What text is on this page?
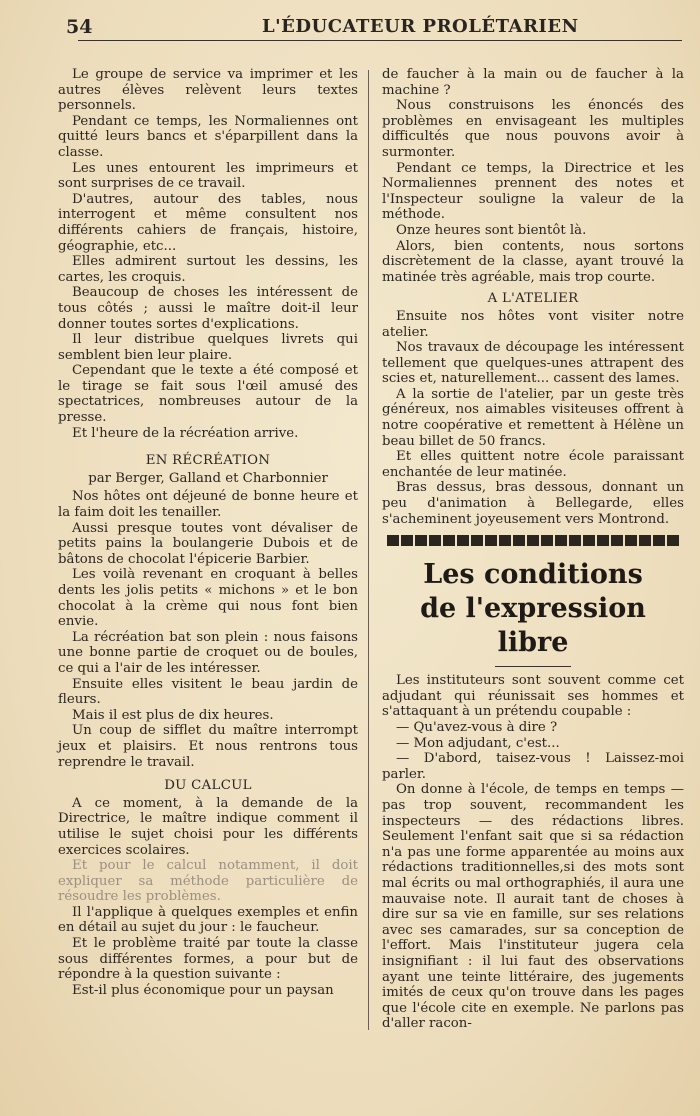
54	L'ÉDUCATEUR PROLÉTARIEN

Le groupe de service va imprimer et les autres élèves relèvent leurs textes personnels.

Pendant ce temps, les Normaliennes ont quitté leurs bancs et s'éparpillent dans la classe.

Les unes entourent les imprimeurs et sont surprises de ce travail.

D'autres, autour des tables, nous interrogent et même consultent nos différents cahiers de français, histoire, géographie, etc...

Elles admirent surtout les dessins, les cartes, les croquis.

Beaucoup de choses les intéressent de tous côtés ; aussi le maître doit-il leur donner toutes sortes d'explications.

Il leur distribue quelques livrets qui semblent bien leur plaire.

Cependant que le texte a été composé et le tirage se fait sous l'œil amusé des spectatrices, nombreuses autour de la presse.

Et l'heure de la récréation arrive.

EN RÉCRÉATION

par Berger, Galland et Charbonnier

Nos hôtes ont déjeuné de bonne heure et la faim doit les tenailler.

Aussi presque toutes vont dévaliser de petits pains la boulangerie Dubois et de bâtons de chocolat l'épicerie Barbier.

Les voilà revenant en croquant à belles dents les jolis petits « michons » et le bon chocolat à la crème qui nous font bien envie.

La récréation bat son plein : nous faisons une bonne partie de croquet ou de boules, ce qui a l'air de les intéresser.

Ensuite elles visitent le beau jardin de fleurs.

Mais il est plus de dix heures.

Un coup de sifflet du maître interrompt jeux et plaisirs. Et nous rentrons tous reprendre le travail.

DU CALCUL

A ce moment, à la demande de la Directrice, le maître indique comment il utilise le sujet choisi pour les différents exercices scolaires.

Et pour le calcul notamment, il doit expliquer sa méthode particulière de résoudre les problèmes.

Il l'applique à quelques exemples et enfin en détail au sujet du jour : le faucheur.

Et le problème traité par toute la classe sous différentes formes, a pour but de répondre à la question suivante :

Est-il plus économique pour un paysan

de faucher à la main ou de faucher à la machine ?

Nous construisons les énoncés des problèmes en envisageant les multiples difficultés que nous pouvons avoir à surmonter.

Pendant ce temps, la Directrice et les Normaliennes prennent des notes et l'Inspecteur souligne la valeur de la méthode.

Onze heures sont bientôt là.

Alors, bien contents, nous sortons discrètement de la classe, ayant trouvé la matinée très agréable, mais trop courte.

A L'ATELIER

Ensuite nos hôtes vont visiter notre atelier.

Nos travaux de découpage les intéressent tellement que quelques-unes attrapent des scies et, naturellement... cassent des lames.

A la sortie de l'atelier, par un geste très généreux, nos aimables visiteuses offrent à notre coopérative et remettent à Hélène un beau billet de 50 francs.

Et elles quittent notre école paraissant enchantée de leur matinée.

Bras dessus, bras dessous, donnant un peu d'animation à Bellegarde, elles s'acheminent joyeusement vers Montrond.

Les conditions
de l'expression libre

Les instituteurs sont souvent comme cet adjudant qui réunissait ses hommes et s'attaquant à un prétendu coupable :

— Qu'avez-vous à dire ?

— Mon adjudant, c'est...

— D'abord, taisez-vous ! Laissez-moi parler.

On donne à l'école, de temps en temps — pas trop souvent, recommandent les inspecteurs — des rédactions libres. Seulement l'enfant sait que si sa rédaction n'a pas une forme apparentée au moins aux rédactions traditionnelles,si des mots sont mal écrits ou mal orthographiés, il aura une mauvaise note. Il aurait tant de choses à dire sur sa vie en famille, sur ses relations avec ses camarades, sur sa conception de l'effort. Mais l'instituteur jugera cela insignifiant : il lui faut des observations ayant une teinte littéraire, des jugements imités de ceux qu'on trouve dans les pages que l'école cite en exemple. Ne parlons pas d'aller racon-
